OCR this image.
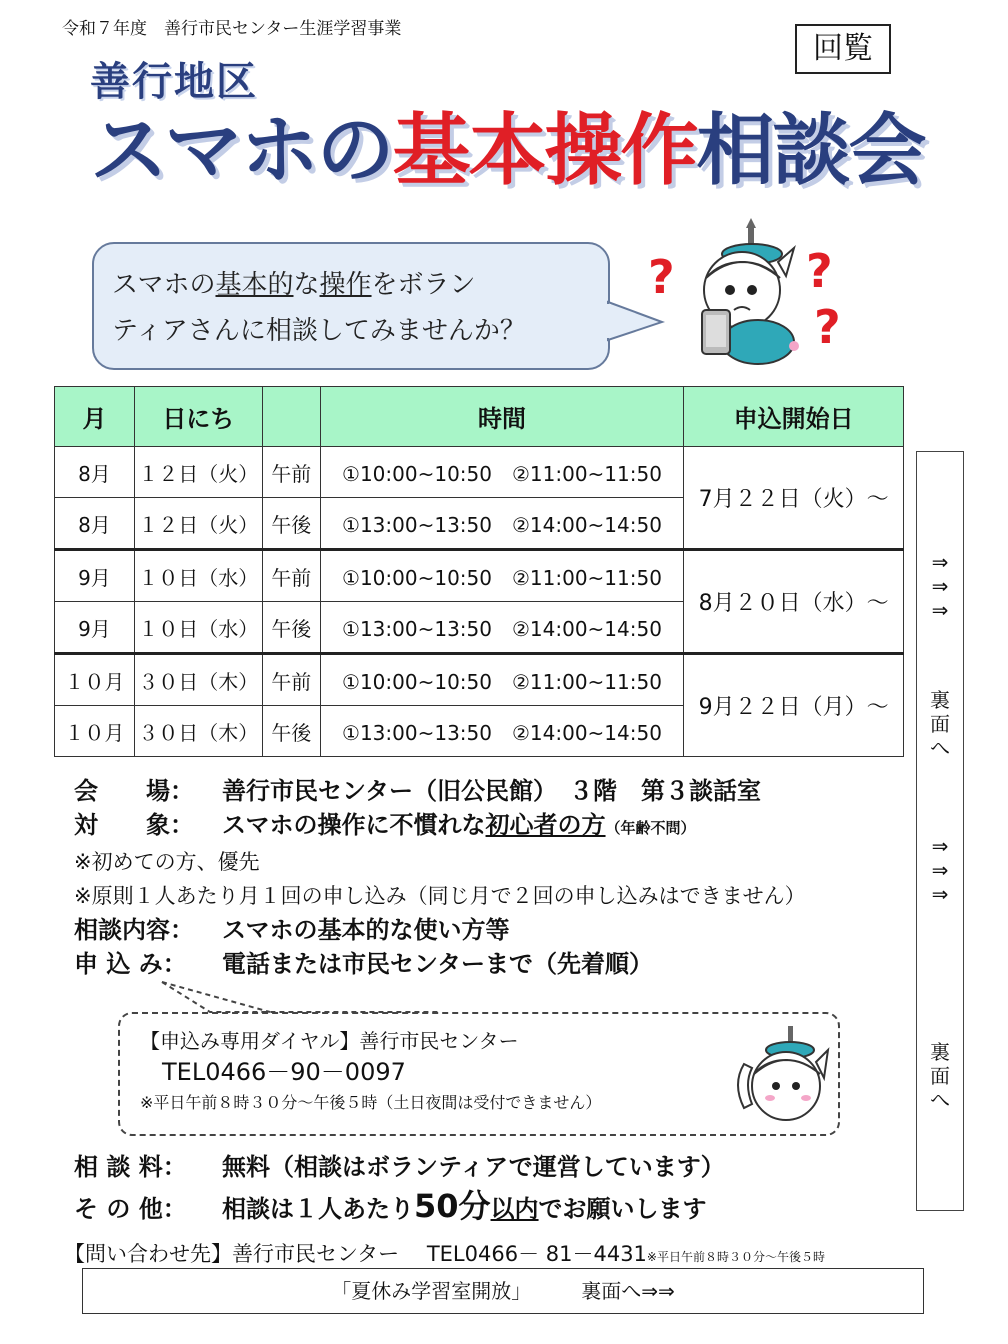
令和７年度　善行市民センター生涯学習事業
回覧
善行地区
スマホの基本操作相談会
スマホの基本的な操作をボラン
ティアさんに相談してみませんか？
?	?
?
月	日にち		時間	申込開始日
8月	１２日（火）	午前	①10:00~10:50　②11:00~11:50	7月２２日（火）～
8月	１２日（火）	午後	①13:00~13:50　②14:00~14:50	
9月	１０日（水）	午前	①10:00~10:50　②11:00~11:50	8月２０日（水）～
9月	１０日（水）	午後	①13:00~13:50　②14:00~14:50	
１０月	３０日（木）	午前	①10:00~10:50　②11:00~11:50	9月２２日（月）～
１０月	３０日（木）	午後	①13:00~13:50　②14:00~14:50	
⇒
⇒
⇒
裏
面
へ
⇒
⇒
⇒
裏
面
へ
会　　場： 善行市民センター（旧公民館）　３階　第３談話室
対　　象： スマホの操作に不慣れな初心者の方（年齢不問）
※初めての方、優先
※原則１人あたり月１回の申し込み（同じ月で２回の申し込みはできません）
相談内容： スマホの基本的な使い方等
申 込 み： 電話または市民センターまで（先着順）
【申込み専用ダイヤル】善行市民センター
TEL0466－90－0097
※平日午前８時３０分～午後５時（土日夜間は受付できません）
相 談 料： 無料（相談はボランティアで運営しています）
そ の 他： 相談は１人あたり50分以内でお願いします
【問い合わせ先】善行市民センター　 TEL0466－ 81－4431※平日午前８時３０分～午後５時
「夏休み学習室開放」　　　裏面へ⇒⇒
